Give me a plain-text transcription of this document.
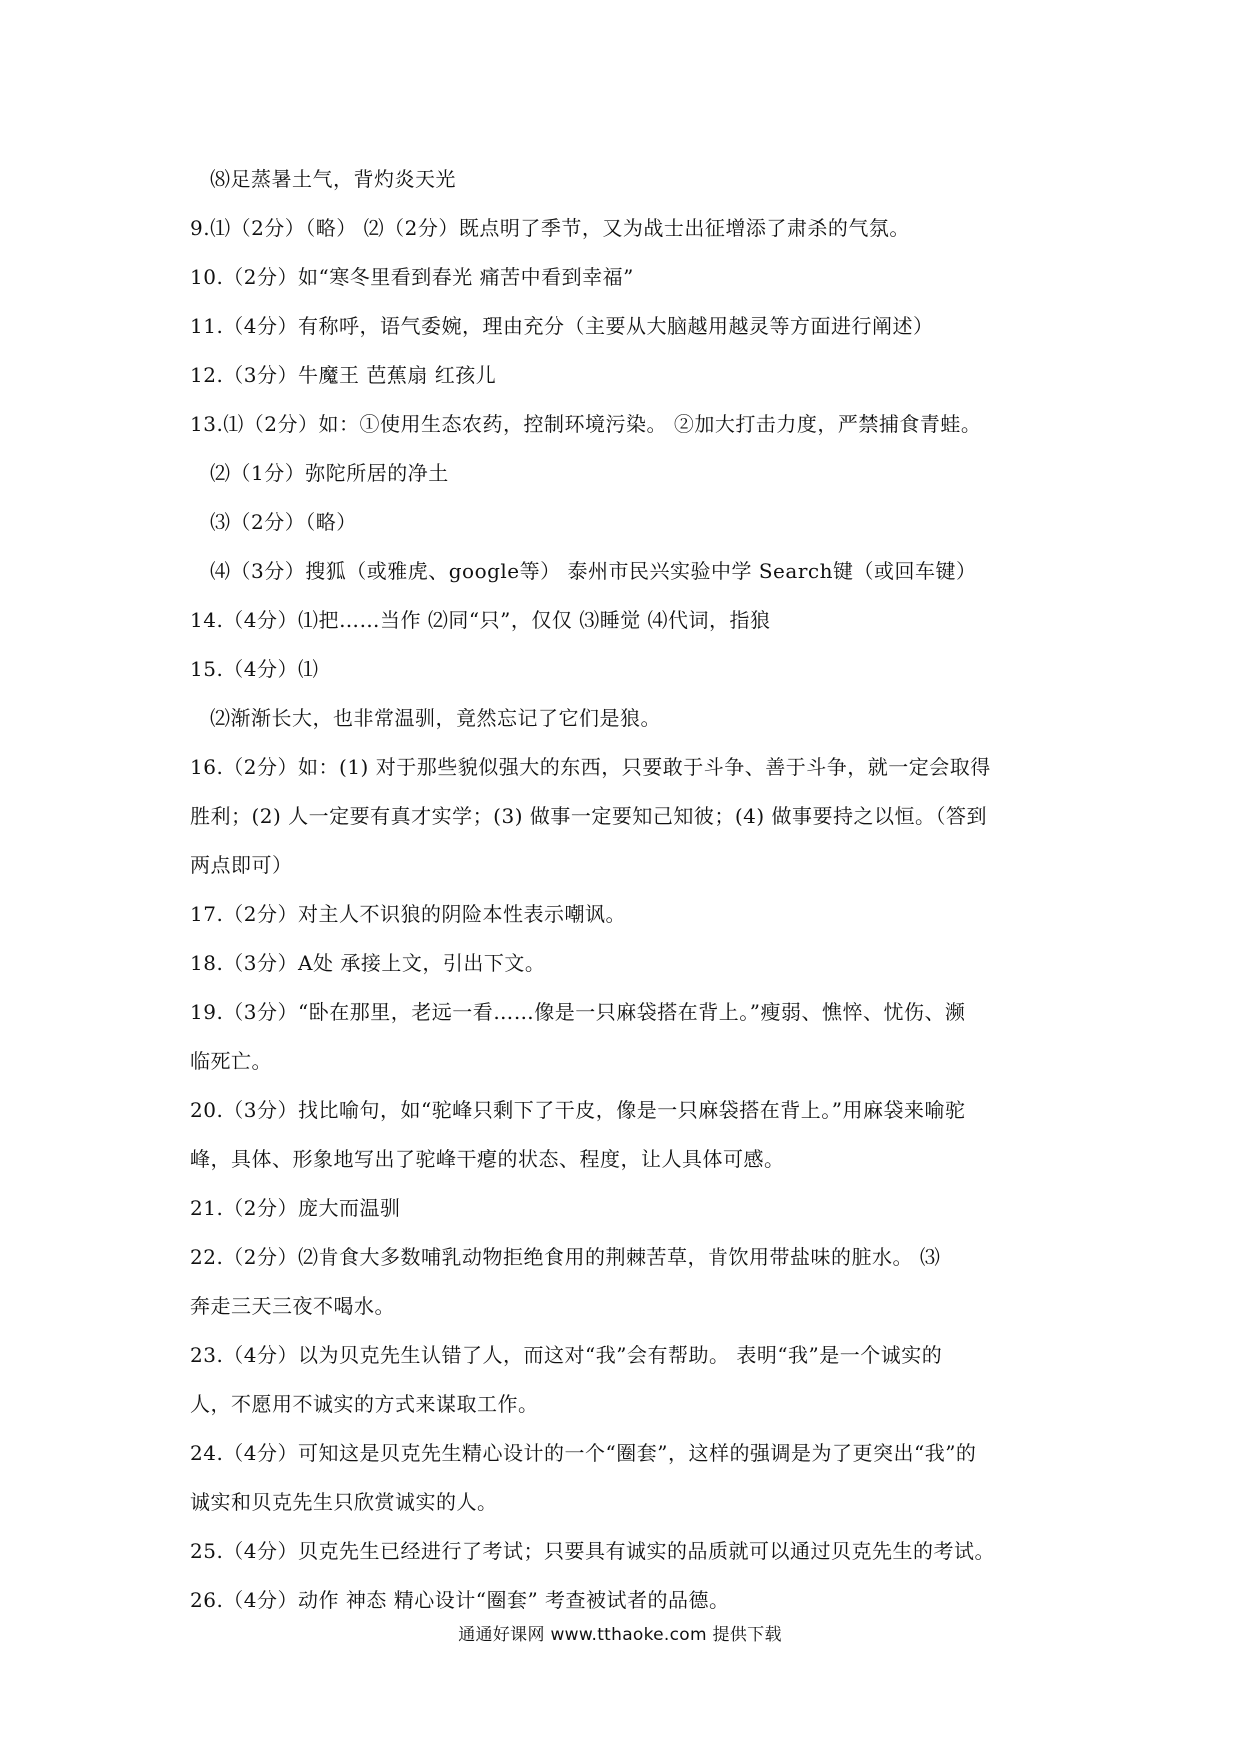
⑻足蒸暑土气，背灼炎天光
9.⑴（2分）（略） ⑵（2分）既点明了季节，又为战士出征增添了肃杀的气氛。
10.（2分）如“寒冬里看到春光 痛苦中看到幸福”
11.（4分）有称呼，语气委婉，理由充分（主要从大脑越用越灵等方面进行阐述）
12.（3分）牛魔王 芭蕉扇 红孩儿
13.⑴（2分）如：①使用生态农药，控制环境污染。 ②加大打击力度，严禁捕食青蛙。
⑵（1分）弥陀所居的净土
⑶（2分）（略）
⑷（3分）搜狐（或雅虎、google等） 泰州市民兴实验中学 Search键（或回车键）
14.（4分）⑴把……当作 ⑵同“只”，仅仅 ⑶睡觉 ⑷代词，指狼
15.（4分）⑴
⑵渐渐长大，也非常温驯，竟然忘记了它们是狼。
16.（2分）如：(1) 对于那些貌似强大的东西，只要敢于斗争、善于斗争，就一定会取得
胜利；(2) 人一定要有真才实学；(3) 做事一定要知己知彼；(4) 做事要持之以恒。（答到
两点即可）
17.（2分）对主人不识狼的阴险本性表示嘲讽。
18.（3分）A处 承接上文，引出下文。
19.（3分）“卧在那里，老远一看……像是一只麻袋搭在背上。”瘦弱、憔悴、忧伤、濒
临死亡。
20.（3分）找比喻句，如“驼峰只剩下了干皮，像是一只麻袋搭在背上。”用麻袋来喻驼
峰，具体、形象地写出了驼峰干瘪的状态、程度，让人具体可感。
21.（2分）庞大而温驯
22.（2分）⑵肯食大多数哺乳动物拒绝食用的荆棘苦草，肯饮用带盐味的脏水。 ⑶
奔走三天三夜不喝水。
23.（4分）以为贝克先生认错了人，而这对“我”会有帮助。 表明“我”是一个诚实的
人，不愿用不诚实的方式来谋取工作。
24.（4分）可知这是贝克先生精心设计的一个“圈套”，这样的强调是为了更突出“我”的
诚实和贝克先生只欣赏诚实的人。
25.（4分）贝克先生已经进行了考试；只要具有诚实的品质就可以通过贝克先生的考试。
26.（4分）动作 神态 精心设计“圈套” 考查被试者的品德。
通通好课网 www.tthaoke.com 提供下载
